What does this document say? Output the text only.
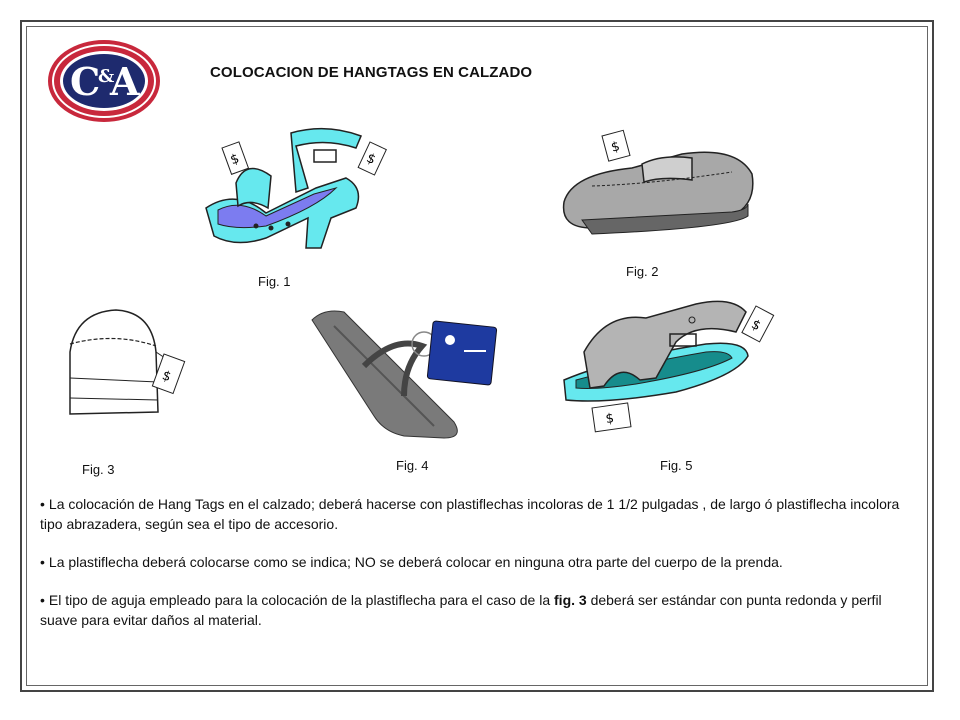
C
&
A	COLOCACION DE HANGTAGS EN CALZADO
$	$
Fig. 1
$
Fig. 2
$
Fig. 3	Fig. 4
$
$
Fig. 5

• La colocación de Hang Tags en el calzado; deberá hacerse con plastiflechas incoloras de 1 1/2 pulgadas , de largo ó plastiflecha incolora tipo abrazadera, según sea el tipo de accesorio.

• La plastiflecha deberá colocarse como se indica; NO se deberá colocar en ninguna otra parte del cuerpo de la prenda.

• El tipo de aguja empleado para la colocación de la plastiflecha para el caso de la fig. 3 deberá ser estándar con punta redonda y perfil suave para evitar daños al material.
